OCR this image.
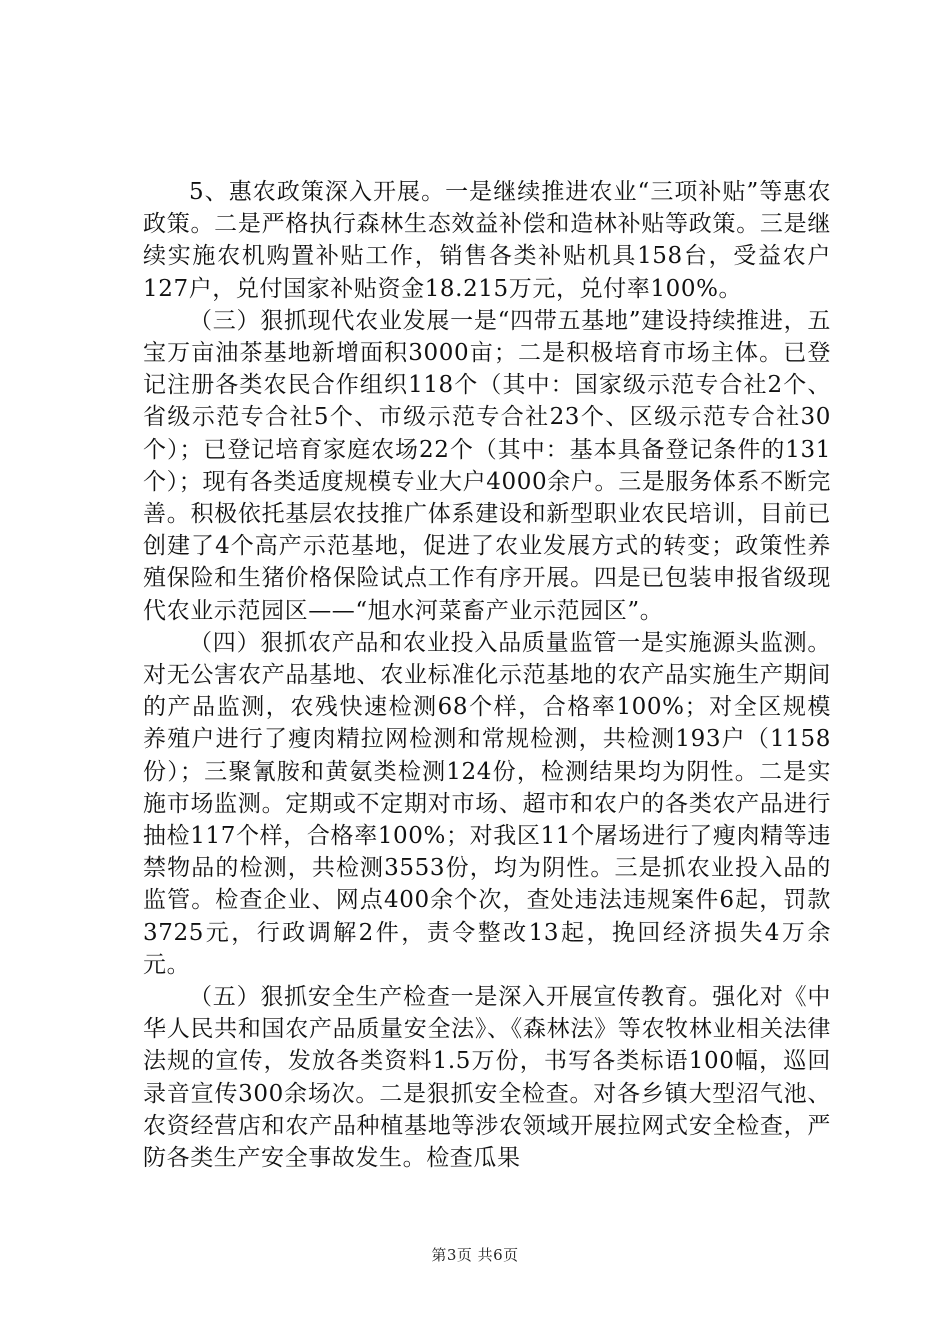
5、惠农政策深入开展。一是继续推进农业“三项补贴”等惠农政策。二是严格执行森林生态效益补偿和造林补贴等政策。三是继续实施农机购置补贴工作，销售各类补贴机具158台，受益农户127户，兑付国家补贴资金18.215万元，兑付率100%。

（三）狠抓现代农业发展一是“四带五基地”建设持续推进，五宝万亩油茶基地新增面积3000亩；二是积极培育市场主体。已登记注册各类农民合作组织118个（其中：国家级示范专合社2个、省级示范专合社5个、市级示范专合社23个、区级示范专合社30个）；已登记培育家庭农场22个（其中：基本具备登记条件的131个）；现有各类适度规模专业大户4000余户。三是服务体系不断完善。积极依托基层农技推广体系建设和新型职业农民培训，目前已创建了4个高产示范基地，促进了农业发展方式的转变；政策性养殖保险和生猪价格保险试点工作有序开展。四是已包装申报省级现代农业示范园区——“旭水河菜畜产业示范园区”。

（四）狠抓农产品和农业投入品质量监管一是实施源头监测。对无公害农产品基地、农业标准化示范基地的农产品实施生产期间的产品监测，农残快速检测68个样，合格率100%；对全区规模养殖户进行了瘦肉精拉网检测和常规检测，共检测193户（1158份）；三聚氰胺和黄氨类检测124份，检测结果均为阴性。二是实施市场监测。定期或不定期对市场、超市和农户的各类农产品进行抽检117个样，合格率100%；对我区11个屠场进行了瘦肉精等违禁物品的检测，共检测3553份，均为阴性。三是抓农业投入品的监管。检查企业、网点400余个次，查处违法违规案件6起，罚款3725元，行政调解2件，责令整改13起，挽回经济损失4万余元。

（五）狠抓安全生产检查一是深入开展宣传教育。强化对《中华人民共和国农产品质量安全法》、《森林法》等农牧林业相关法律法规的宣传，发放各类资料1.5万份，书写各类标语100幅，巡回录音宣传300余场次。二是狠抓安全检查。对各乡镇大型沼气池、农资经营店和农产品种植基地等涉农领域开展拉网式安全检查，严防各类生产安全事故发生。检查瓜果

第3页 共6页
